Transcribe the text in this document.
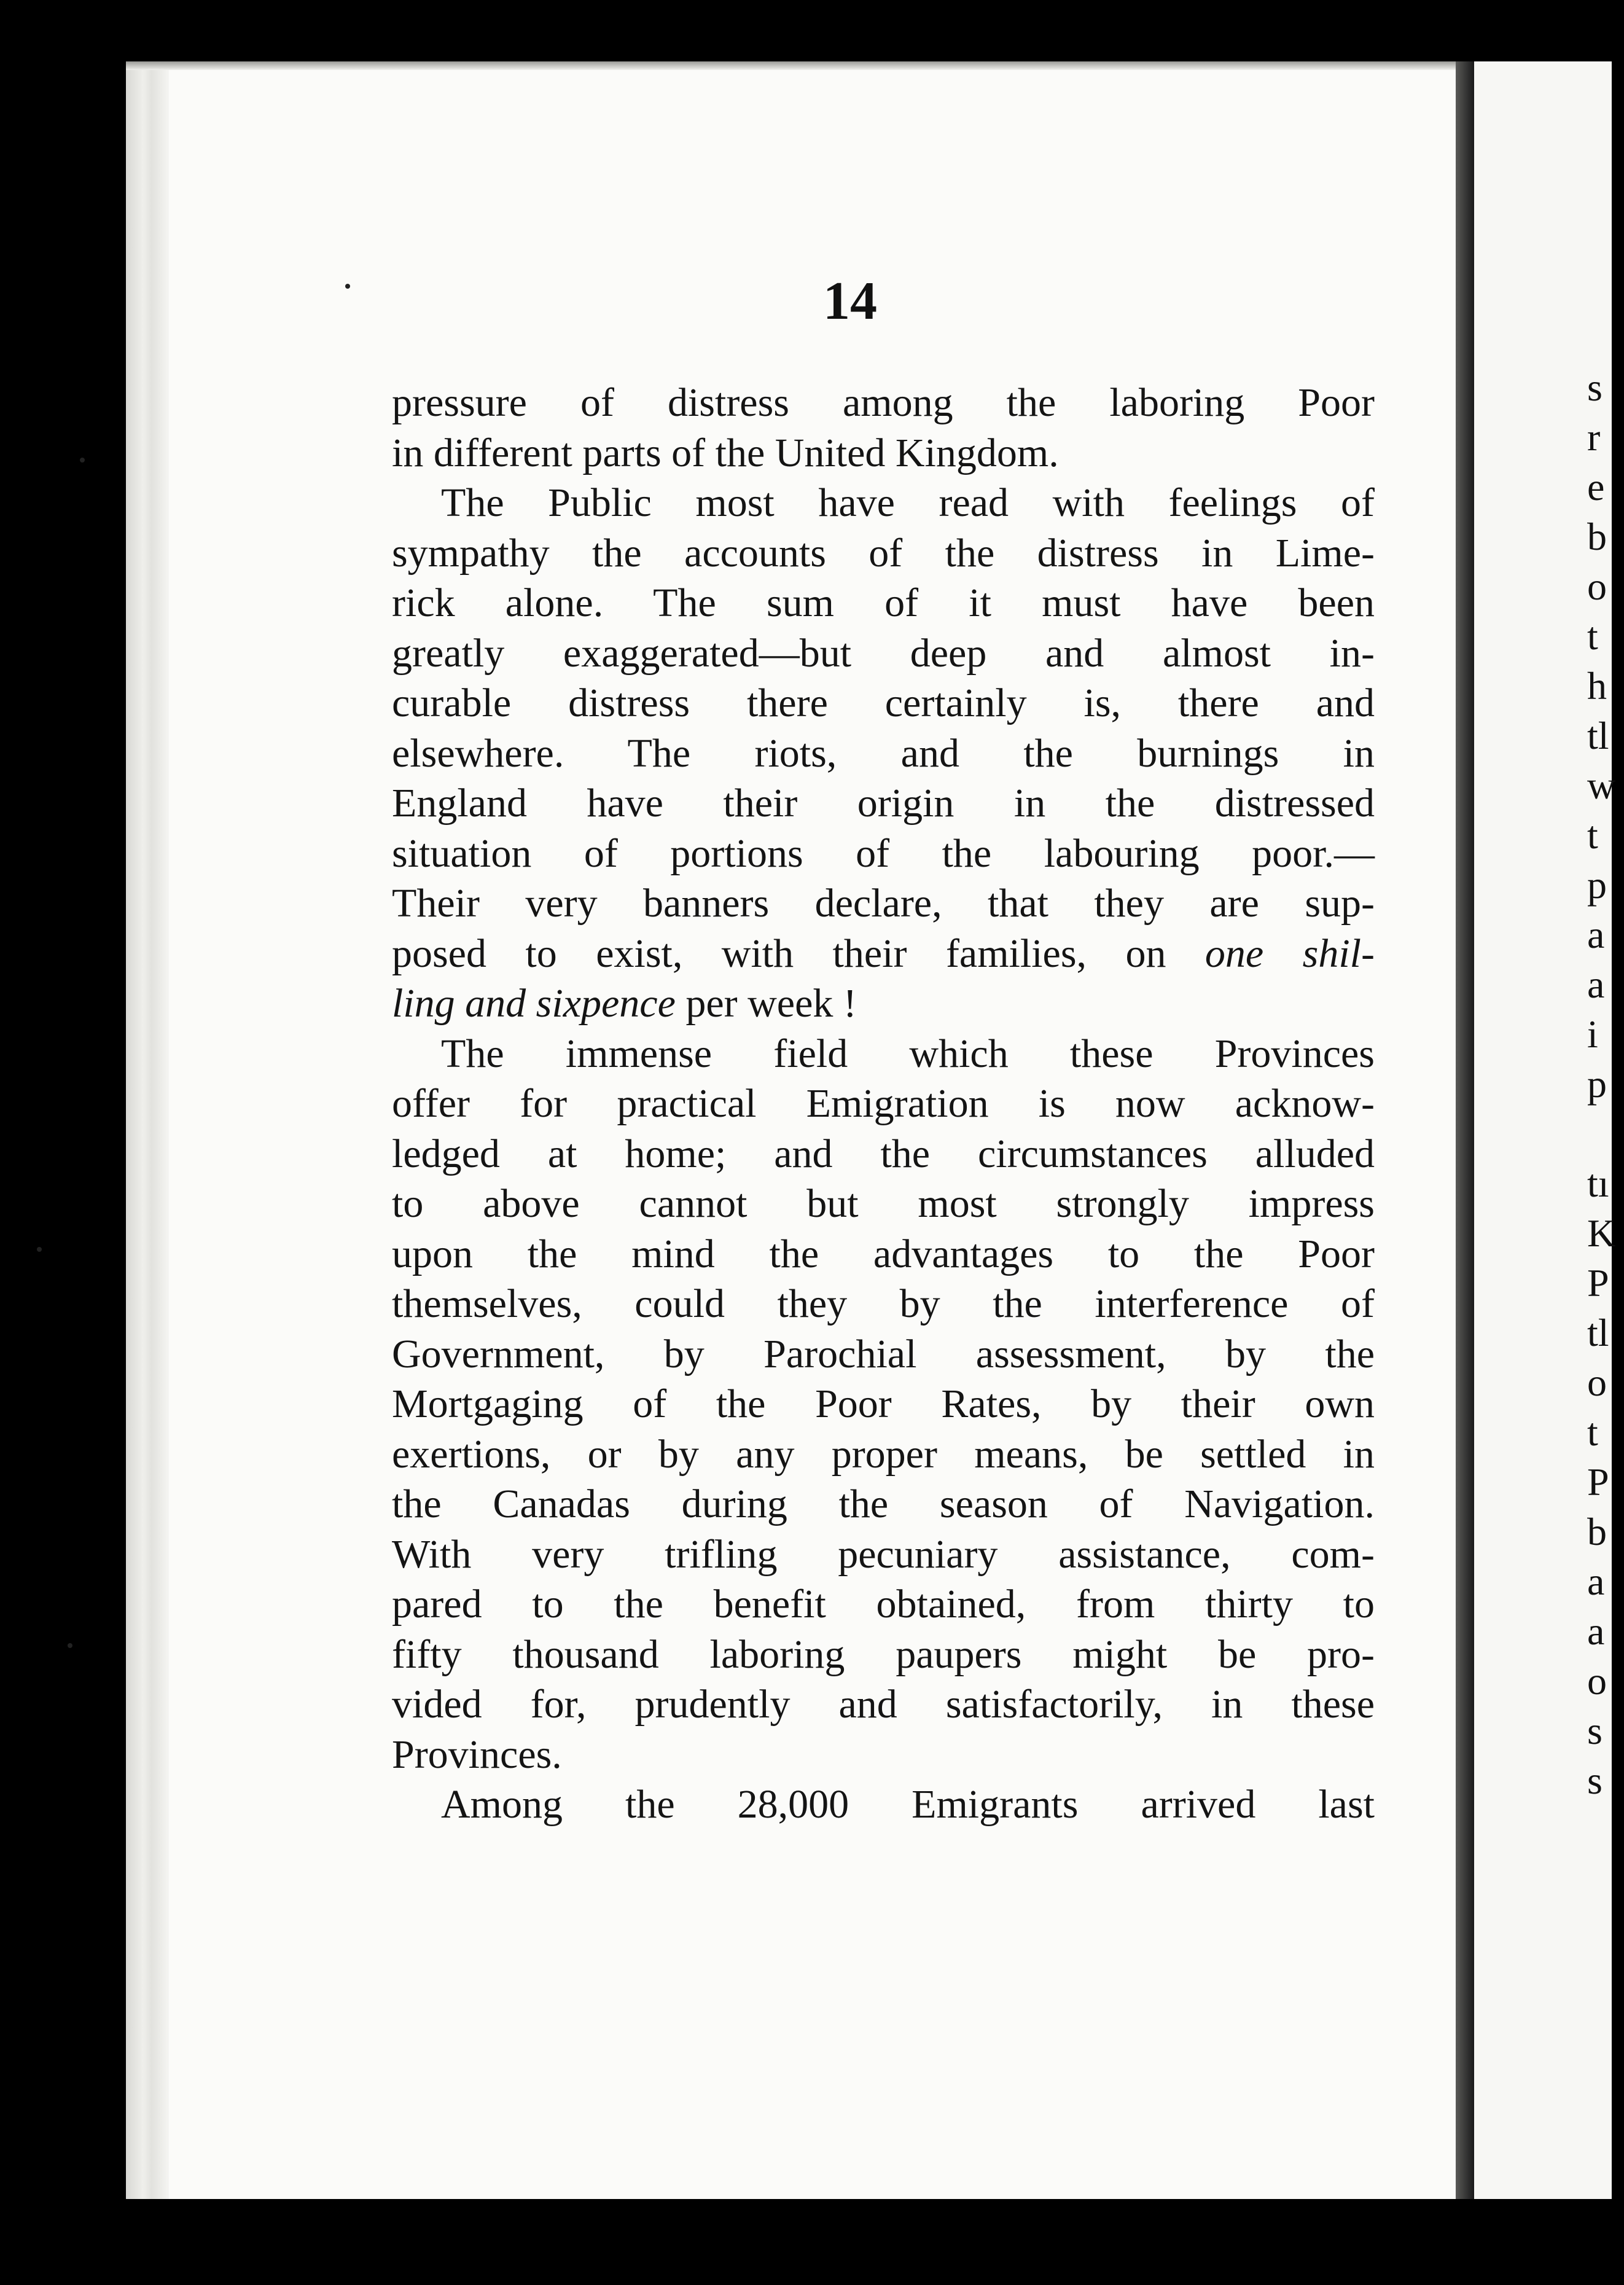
s
r
e
b
o
t
h
tl
w
t
p
a
a
i
p

tı
K
P
tl
o
t
P
b
a
a
o
s
s
14

pressure of distress among the laboring Poor
in different parts of the United Kingdom.

The Public most have read with feelings of
sympathy the accounts of the distress in Lime-
rick alone. The sum of it must have been
greatly exaggerated—but deep and almost in-
curable distress there certainly is, there and
elsewhere. The riots, and the burnings in
England have their origin in the distressed
situation of portions of the labouring poor.—
Their very banners declare, that they are sup-
posed to exist, with their families, on one shil-
ling and sixpence per week !

The immense field which these Provinces
offer for practical Emigration is now acknow-
ledged at home; and the circumstances alluded
to above cannot but most strongly impress
upon the mind the advantages to the Poor
themselves, could they by the interference of
Government, by Parochial assessment, by the
Mortgaging of the Poor Rates, by their own
exertions, or by any proper means, be settled in
the Canadas during the season of Navigation.
With very trifling pecuniary assistance, com-
pared to the benefit obtained, from thirty to
fifty thousand laboring paupers might be pro-
vided for, prudently and satisfactorily, in these
Provinces.

Among the 28,000 Emigrants arrived last
